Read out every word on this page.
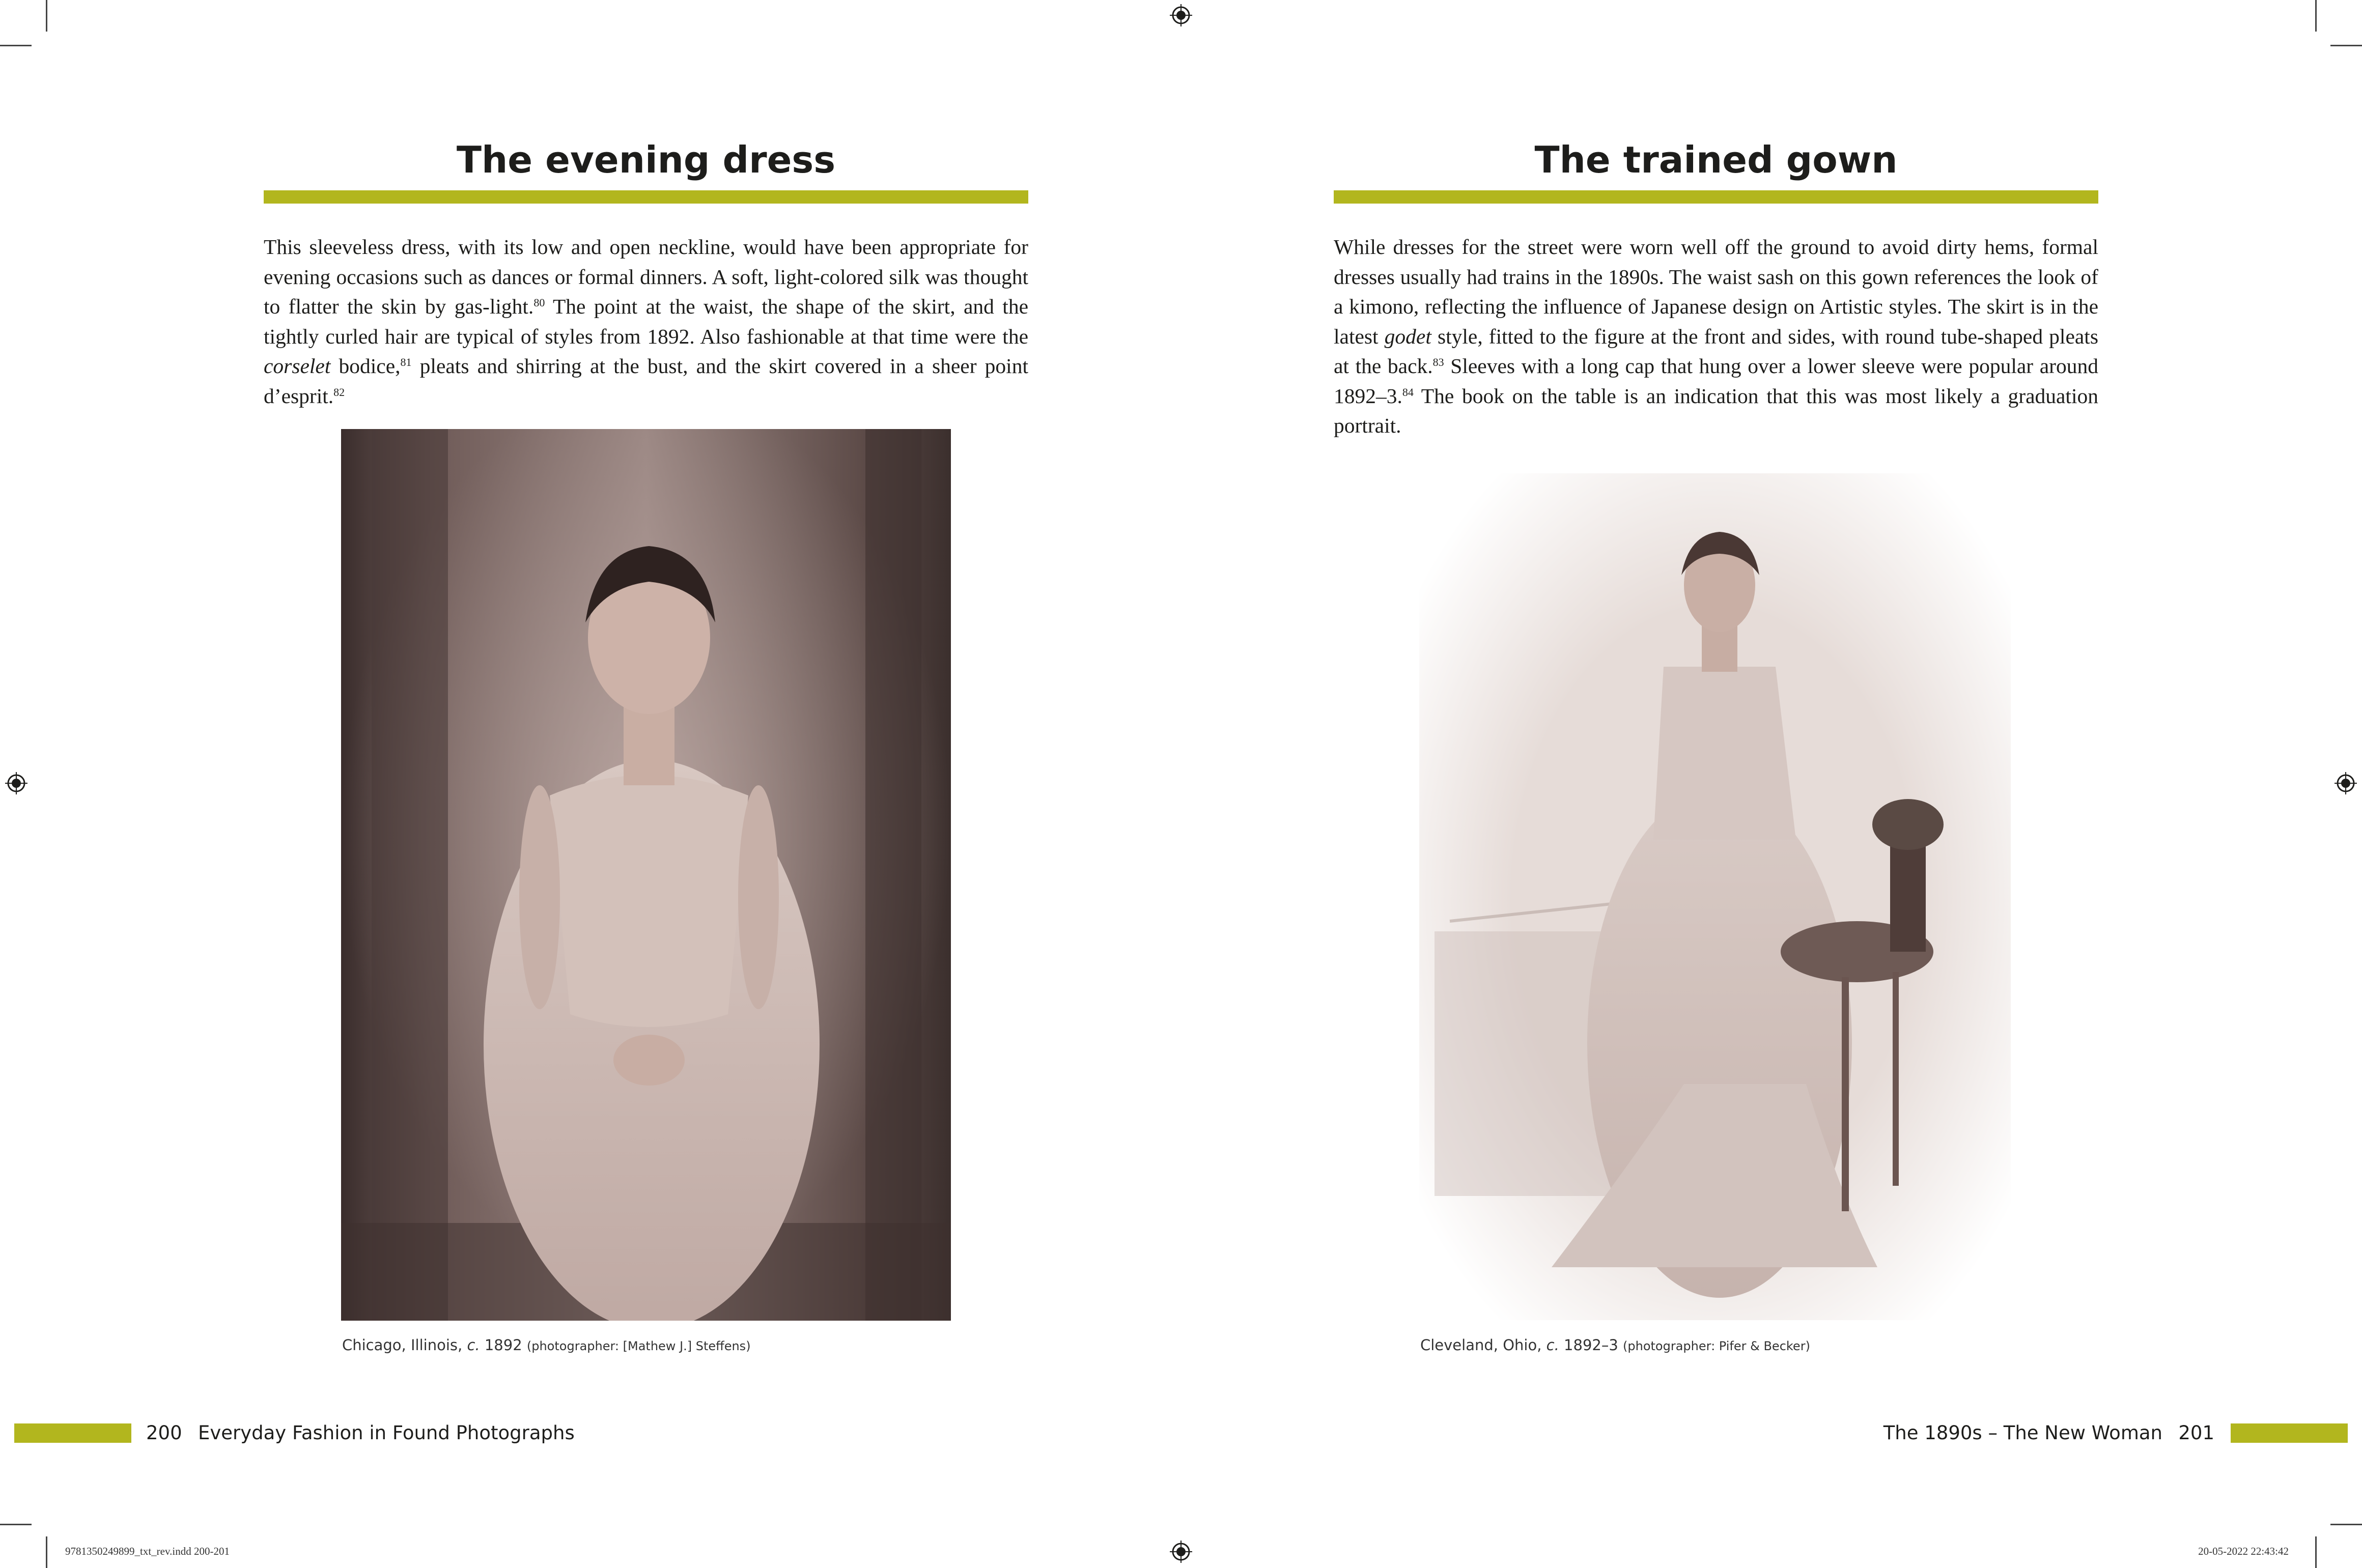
The evening dress
This sleeveless dress, with its low and open neckline, would have been appropriate for evening occasions such as dances or formal dinners. A soft, light-colored silk was thought to flatter the skin by gas-light.$^{80}$ The point at the waist, the shape of the skirt, and the tightly curled hair are typical of styles from 1892. Also fashionable at that time were the corselet bodice,$^{81}$ pleats and shirring at the bust, and the skirt covered in a sheer point d’esprit.$^{82}$
Chicago, Illinois, c. 1892 (photographer: [Mathew J.] Steffens)
200 Everyday Fashion in Found Photographs
The trained gown
While dresses for the street were worn well off the ground to avoid dirty hems, formal dresses usually had trains in the 1890s. The waist sash on this gown references the look of a kimono, reflecting the influence of Japanese design on Artistic styles. The skirt is in the latest godet style, fitted to the figure at the front and sides, with round tube-shaped pleats at the back.$^{83}$ Sleeves with a long cap that hung over a lower sleeve were popular around 1892–3.84 The book on the table is an indication that this was most likely a graduation portrait.
Cleveland, Ohio, c. 1892–3 (photographer: Pifer & Becker)
The 1890s – The New Woman 201
9781350249899_txt_rev.indd 200-201	20-05-2022 22:43:42
